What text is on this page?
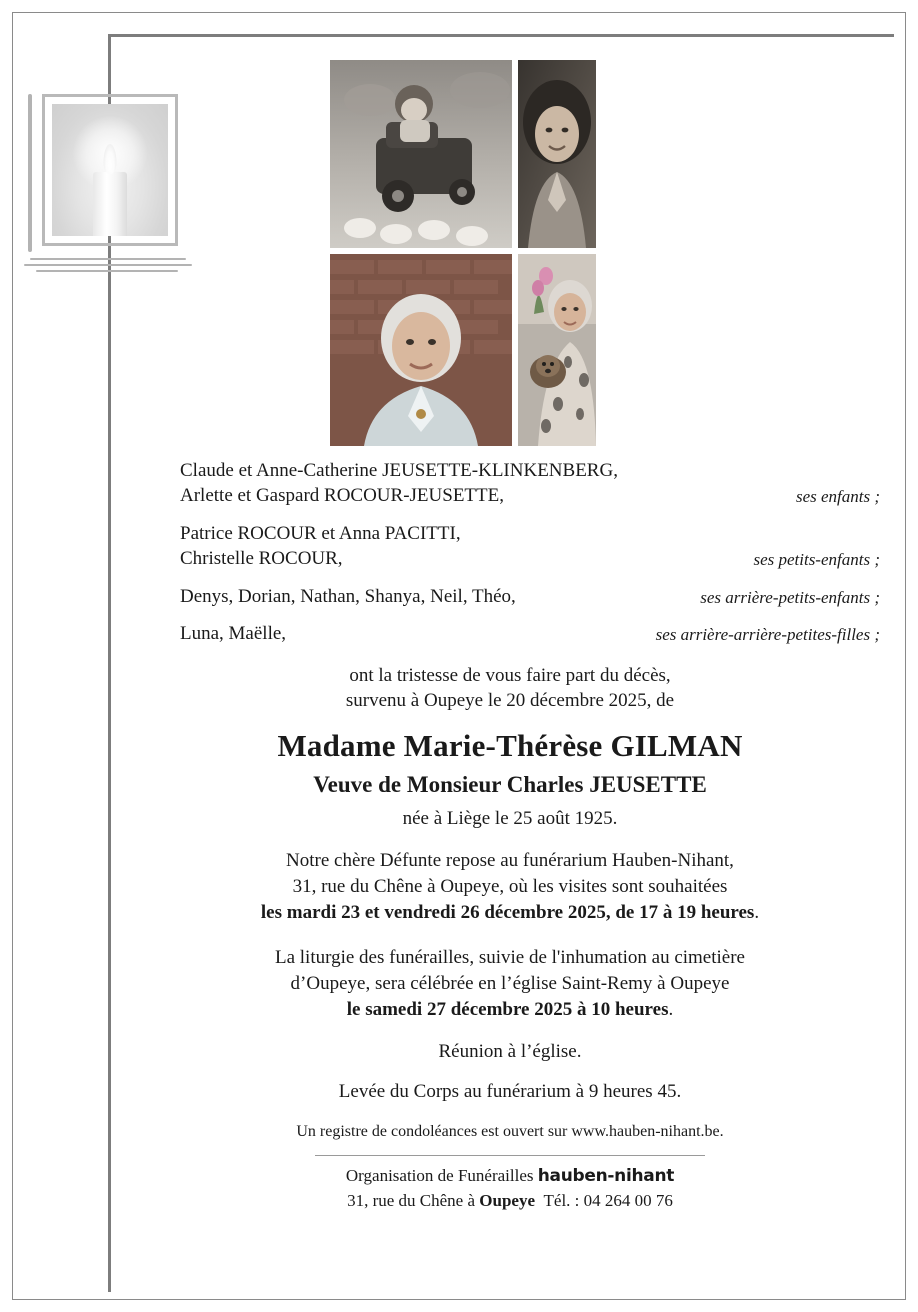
Claude et Anne-Catherine JEUSETTE-KLINKENBERG,
Arlette et Gaspard ROCOUR-JEUSETTE,	ses enfants ;
Patrice ROCOUR et Anna PACITTI,
Christelle ROCOUR,	ses petits-enfants ;
Denys, Dorian, Nathan, Shanya, Neil, Théo,	ses arrière-petits-enfants ;
Luna, Maëlle,	ses arrière-arrière-petites-filles ;
ont la tristesse de vous faire part du décès,
survenu à Oupeye le 20 décembre 2025, de
Madame Marie-Thérèse GILMAN
Veuve de Monsieur Charles JEUSETTE
née à Liège le 25 août 1925.
Notre chère Défunte repose au funérarium Hauben-Nihant,
31, rue du Chêne à Oupeye, où les visites sont souhaitées
les mardi 23 et vendredi 26 décembre 2025, de 17 à 19 heures.
La liturgie des funérailles, suivie de l'inhumation au cimetière
d’Oupeye, sera célébrée en l’église Saint-Remy à Oupeye
le samedi 27 décembre 2025 à 10 heures.
Réunion à l’église.
Levée du Corps au funérarium à 9 heures 45.
Un registre de condoléances est ouvert sur www.hauben-nihant.be.
Organisation de Funérailles hauben-nihant
31, rue du Chêne à Oupeye Tél. : 04 264 00 76
